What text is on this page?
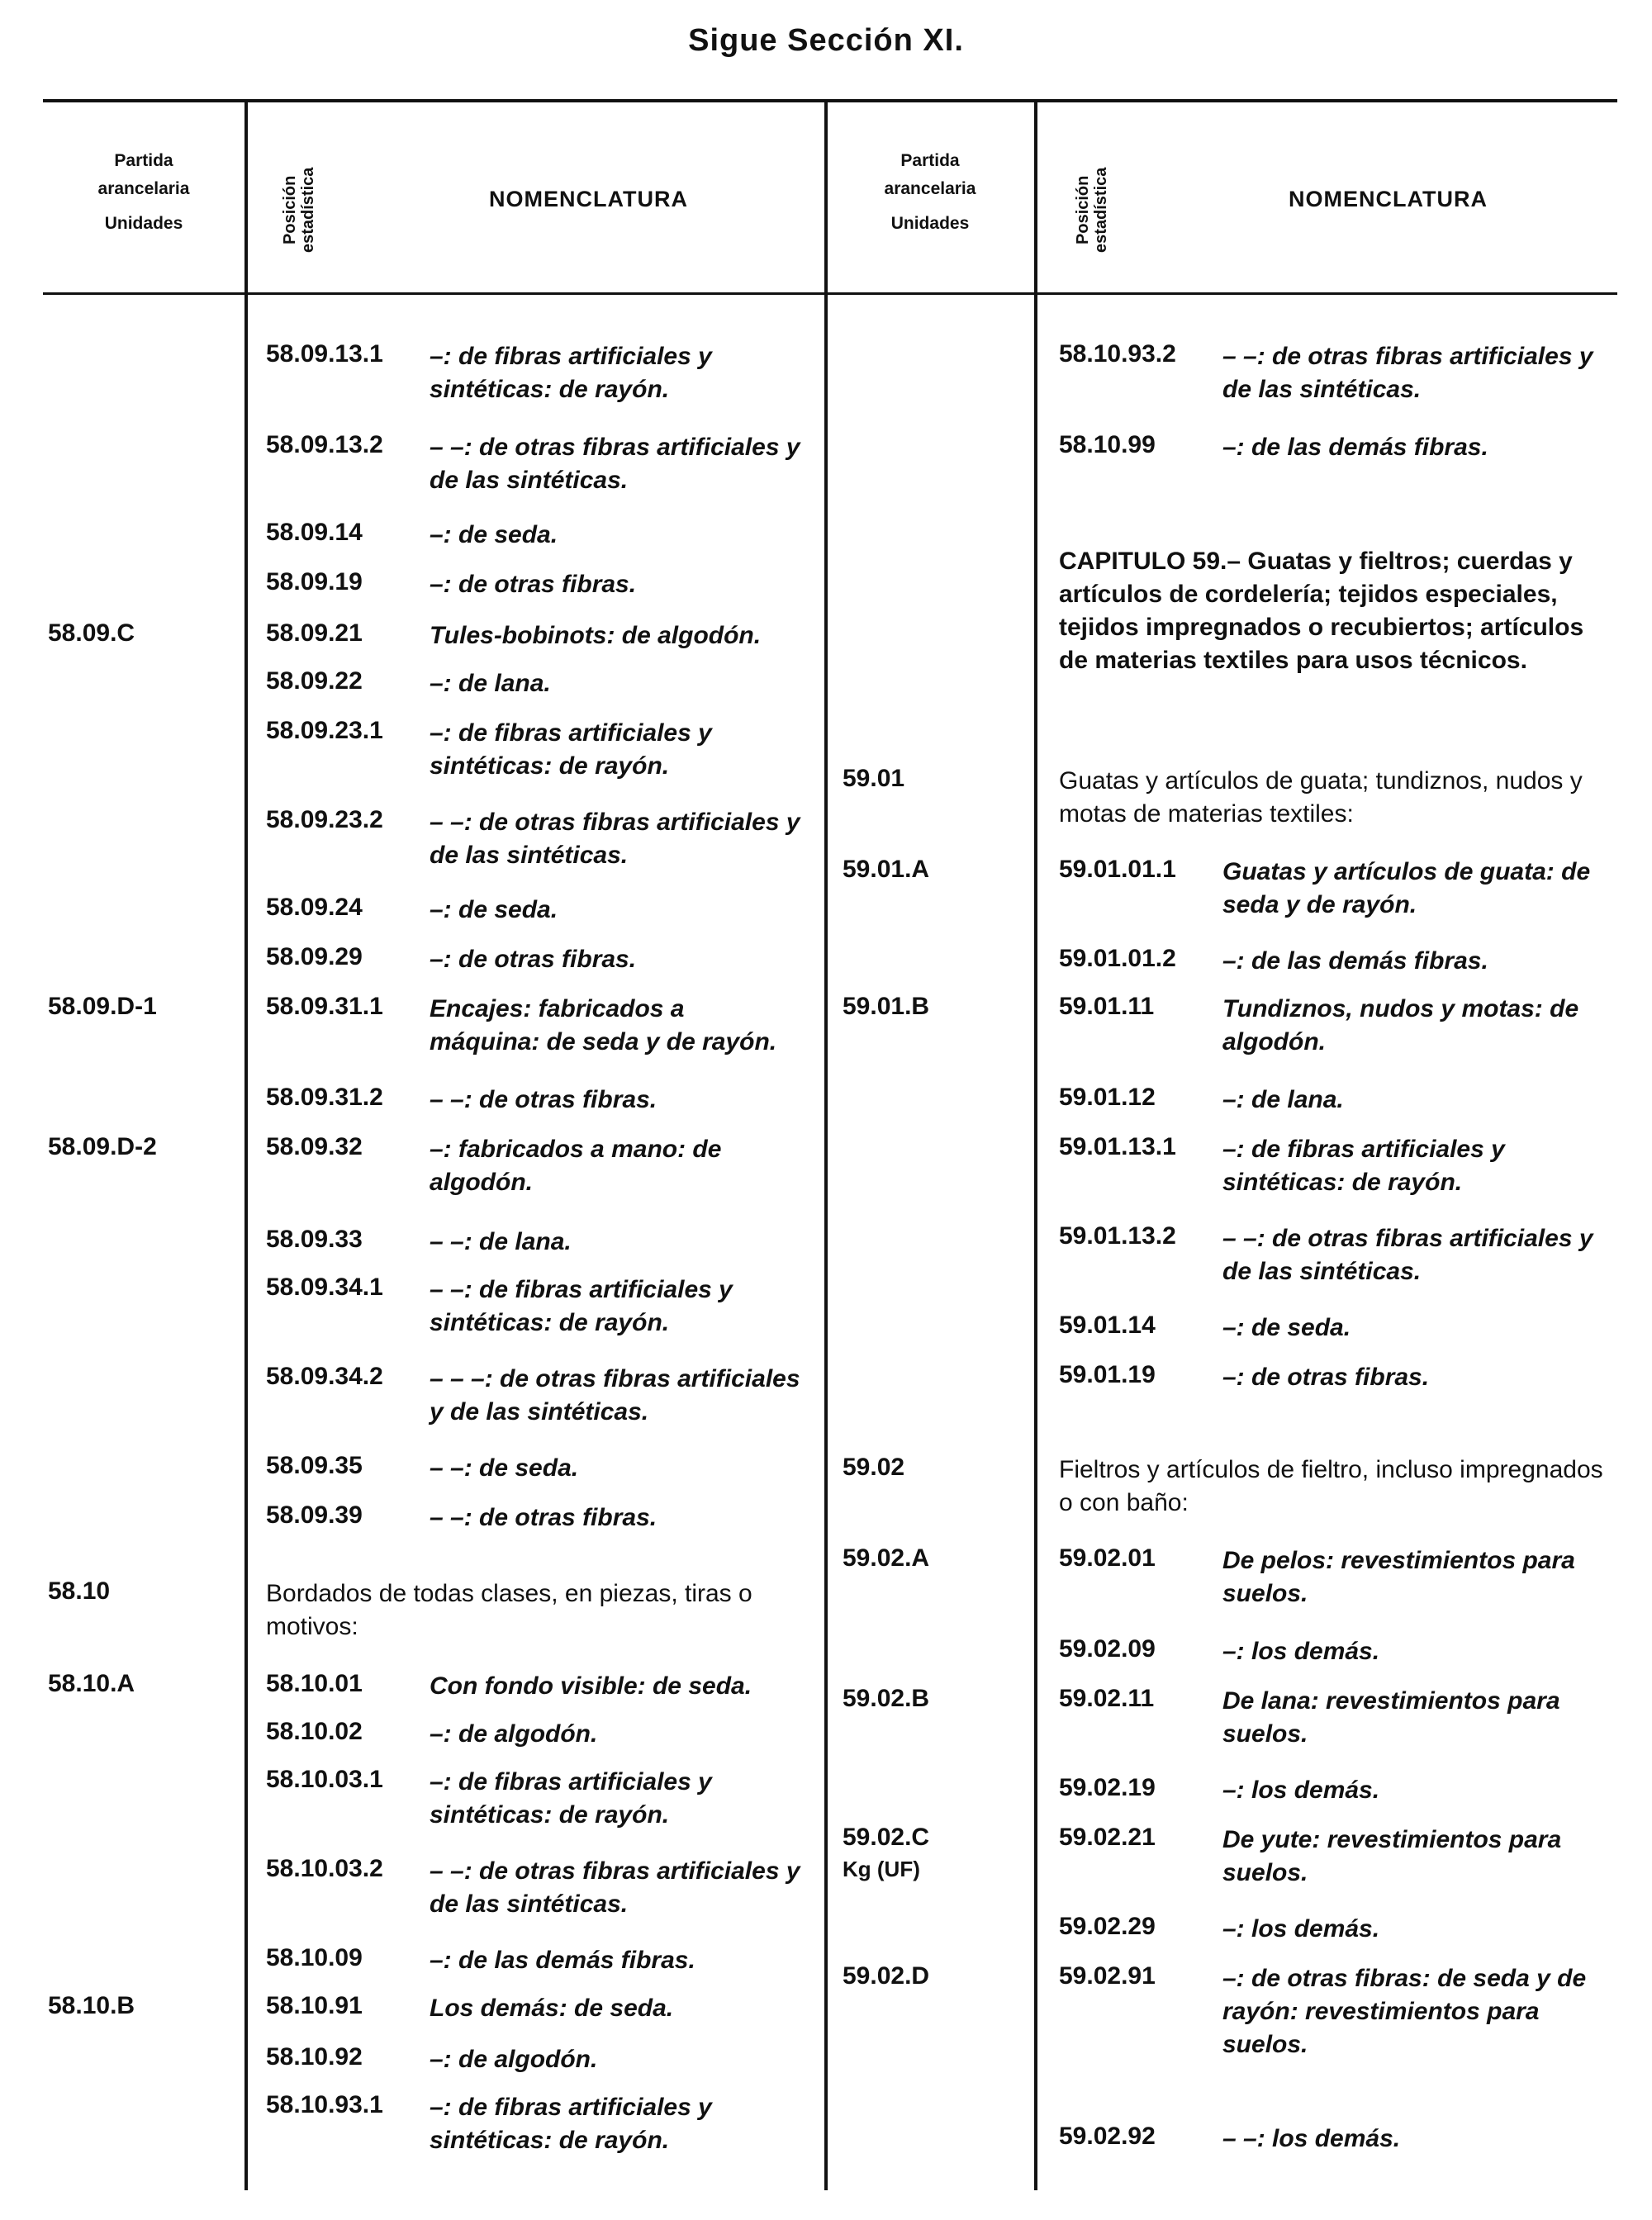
Sigue Sección XI.
Partida
arancelaria
Unidades	Posición estadística	NOMENCLATURA
Partida
arancelaria
Unidades	Posición estadística	NOMENCLATURA
58.09.13.1 –: de fibras artificiales y sintéticas: de rayón.
58.09.13.2 – –: de otras fibras artificiales y de las sintéticas.
58.09.14	–: de seda.
58.09.19	–: de otras fibras.
58.09.C	58.09.21	Tules-bobinots: de algodón.
58.09.22	–: de lana.
58.09.23.1 –: de fibras artificiales y sintéticas: de rayón.
58.09.23.2 – –: de otras fibras artificiales y de las sintéticas.
58.09.24	–: de seda.
58.09.29	–: de otras fibras.
58.09.D-1	58.09.31.1 Encajes: fabricados a máquina: de seda y de rayón.
58.09.31.2 – –: de otras fibras.
58.09.D-2	58.09.32	–: fabricados a mano: de algodón.
58.09.33	– –: de lana.
58.09.34.1 – –: de fibras artificiales y sintéticas: de rayón.
58.09.34.2 – – –: de otras fibras artificiales y de las sintéticas.
58.09.35	– –: de seda.
58.09.39	– –: de otras fibras.
58.10	Bordados de todas clases, en piezas, tiras o motivos:
58.10.A	58.10.01	Con fondo visible: de seda.
58.10.02	–: de algodón.
58.10.03.1 –: de fibras artificiales y sintéticas: de rayón.
58.10.03.2 – –: de otras fibras artificiales y de las sintéticas.
58.10.09	–: de las demás fibras.
58.10.B	58.10.91	Los demás: de seda.
58.10.92	–: de algodón.
58.10.93.1 –: de fibras artificiales y sintéticas: de rayón.
58.10.93.2 – –: de otras fibras artificiales y de las sintéticas.
58.10.99	–: de las demás fibras.
CAPITULO 59.– Guatas y fieltros; cuerdas y artículos de cordelería; tejidos especiales, tejidos impregnados o recubiertos; artículos de materias textiles para usos técnicos.
59.01	Guatas y artículos de guata; tundiznos, nudos y motas de materias textiles:
59.01.A	59.01.01.1 Guatas y artículos de guata: de seda y de rayón.
59.01.01.2 –: de las demás fibras.
59.01.B	59.01.11	Tundiznos, nudos y motas: de algodón.
59.01.12	–: de lana.
59.01.13.1 –: de fibras artificiales y sintéticas: de rayón.
59.01.13.2 – –: de otras fibras artificiales y de las sintéticas.
59.01.14	–: de seda.
59.01.19	–: de otras fibras.
59.02	Fieltros y artículos de fieltro, incluso impregnados o con baño:
59.02.A	59.02.01	De pelos: revestimientos para suelos.
59.02.09	–: los demás.
59.02.B	59.02.11	De lana: revestimientos para suelos.
59.02.19	–: los demás.
59.02.C
Kg (UF)
59.02.21	De yute: revestimientos para suelos.
59.02.29	–: los demás.
59.02.D	59.02.91	–: de otras fibras: de seda y de rayón: revestimientos para suelos.
59.02.92	– –: los demás.
